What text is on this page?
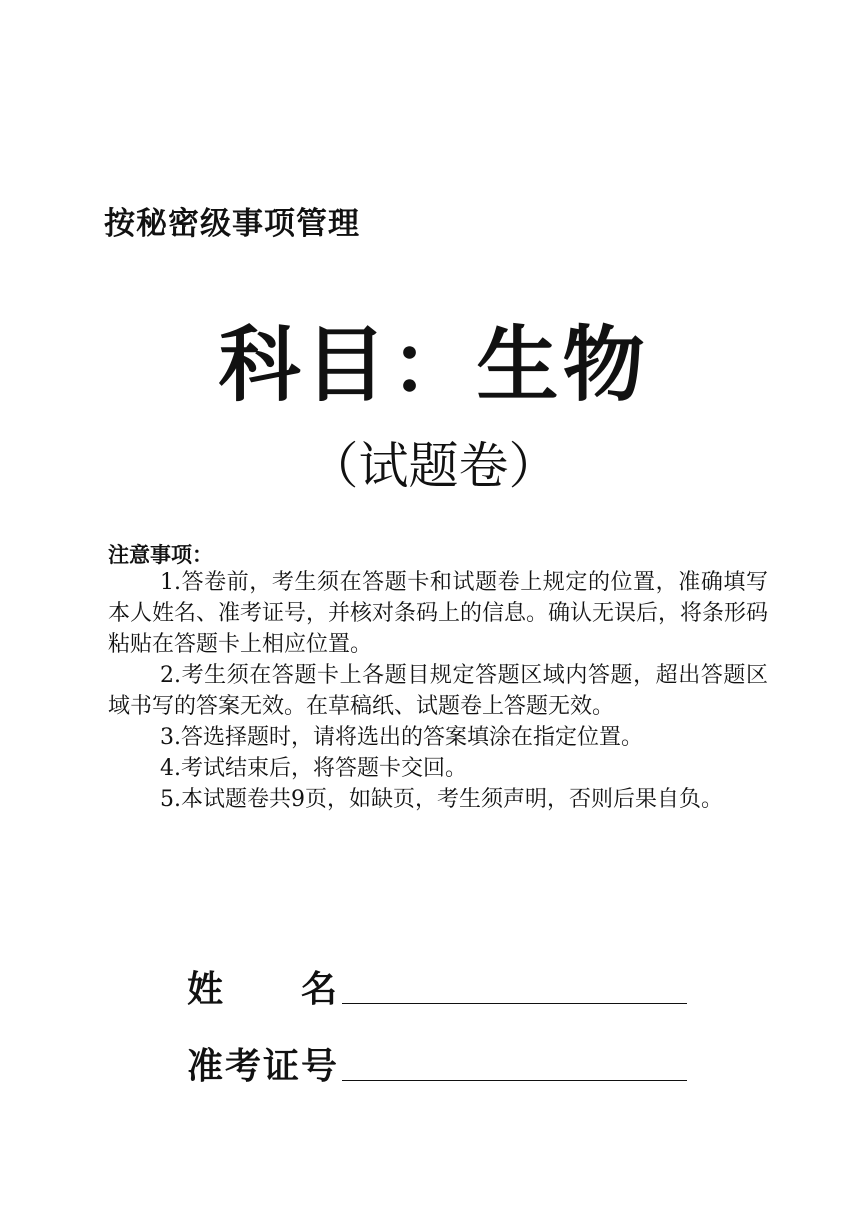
按秘密级事项管理
科目：生物
（试题卷）
注意事项：
1.答卷前，考生须在答题卡和试题卷上规定的位置，准确填写本人姓名、准考证号，并核对条码上的信息。确认无误后，将条形码粘贴在答题卡上相应位置。
2.考生须在答题卡上各题目规定答题区域内答题，超出答题区域书写的答案无效。在草稿纸、试题卷上答题无效。
3.答选择题时，请将选出的答案填涂在指定位置。
4.考试结束后，将答题卡交回。
5.本试题卷共9页，如缺页，考生须声明，否则后果自负。
姓名
准考证号
